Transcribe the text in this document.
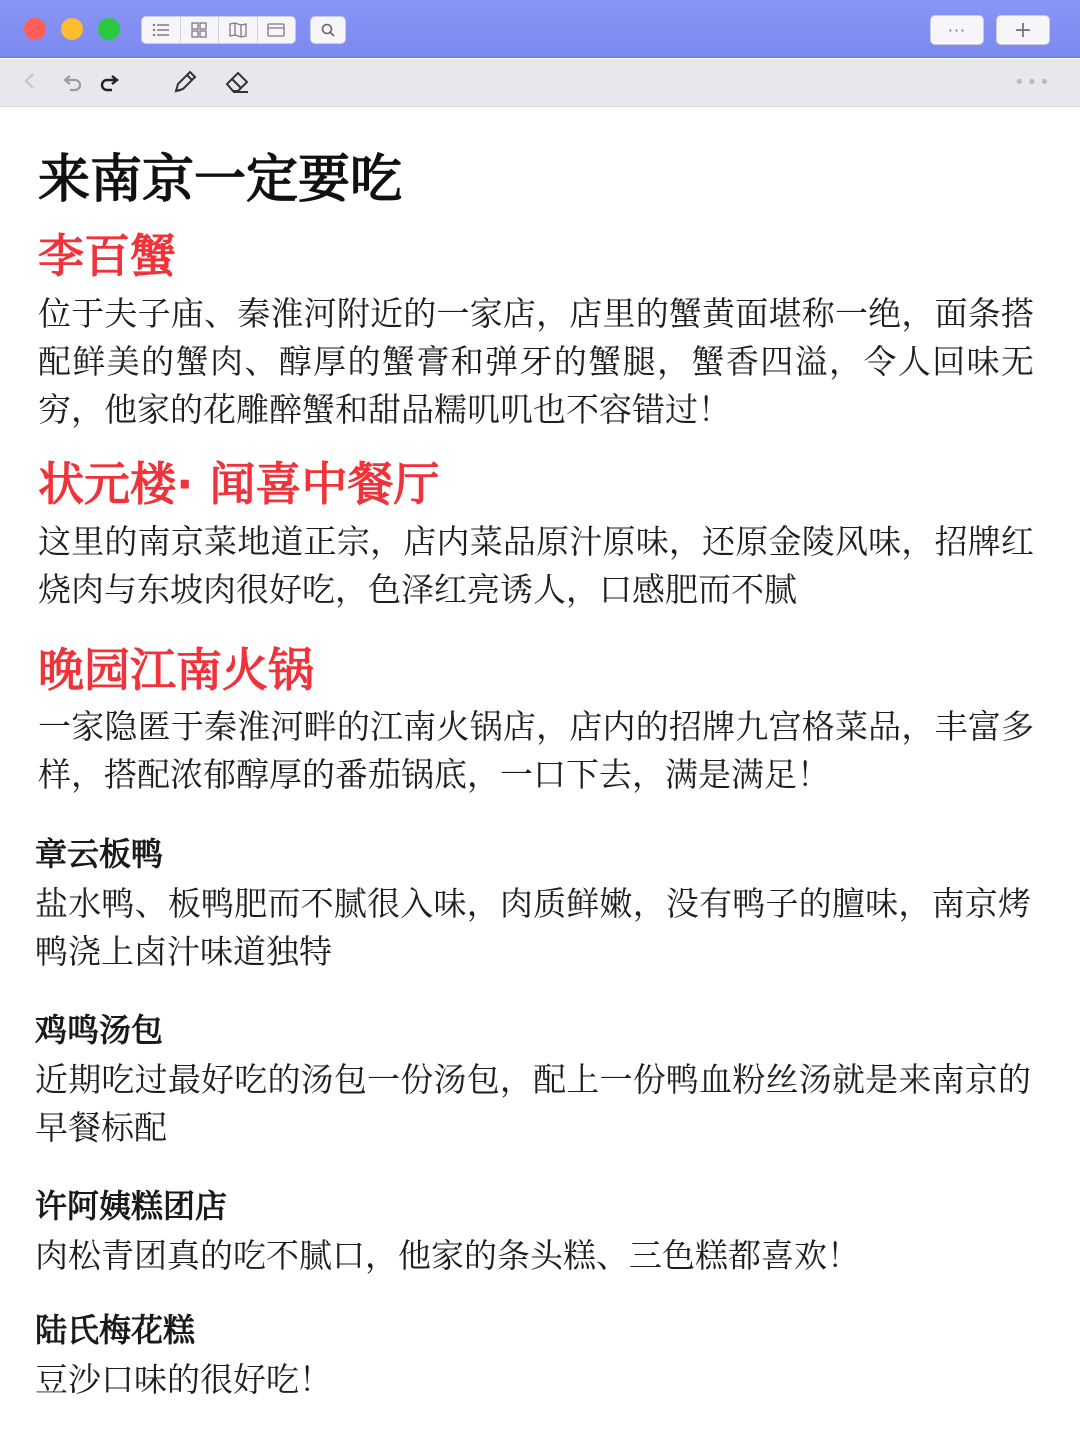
··· +
•••
来南京一定要吃
李百蟹
位于夫子庙、秦淮河附近的一家店，店里的蟹黄面堪称一绝，面条搭配鲜美的蟹肉、醇厚的蟹膏和弹牙的蟹腿，蟹香四溢，令人回味无穷，他家的花雕醉蟹和甜品糯叽叽也不容错过！
状元楼· 闻喜中餐厅
这里的南京菜地道正宗，店内菜品原汁原味，还原金陵风味，招牌红烧肉与东坡肉很好吃，色泽红亮诱人，口感肥而不腻
晚园江南火锅
一家隐匿于秦淮河畔的江南火锅店，店内的招牌九宫格菜品，丰富多样，搭配浓郁醇厚的番茄锅底，一口下去，满是满足！
章云板鸭
盐水鸭、板鸭肥而不腻很入味，肉质鲜嫩，没有鸭子的膻味，南京烤鸭浇上卤汁味道独特
鸡鸣汤包
近期吃过最好吃的汤包一份汤包，配上一份鸭血粉丝汤就是来南京的早餐标配
许阿姨糕团店
肉松青团真的吃不腻口，他家的条头糕、三色糕都喜欢！
陆氏梅花糕
豆沙口味的很好吃！
